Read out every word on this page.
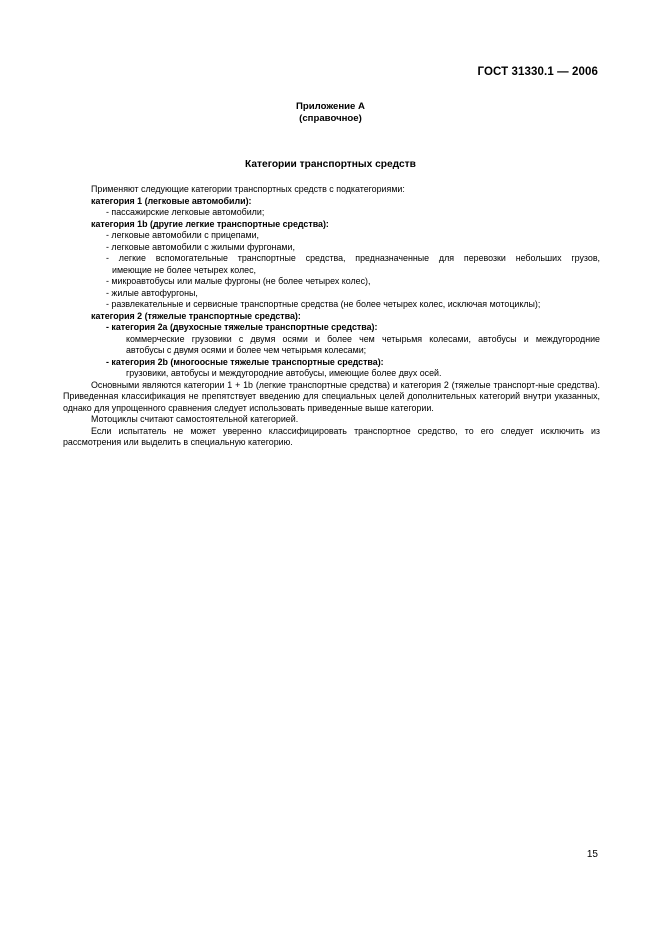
ГОСТ 31330.1 — 2006
Приложение А
(справочное)
Категории транспортных средств
Применяют следующие категории транспортных средств с подкатегориями:
категория 1 (легковые автомобили):
- пассажирские легковые автомобили;
категория 1b (другие легкие транспортные средства):
- легковые автомобили с прицепами,
- легковые автомобили с жилыми фургонами,
- легкие вспомогательные транспортные средства, предназначенные для перевозки небольших грузов,
имеющие не более четырех колес,
- микроавтобусы или малые фургоны (не более четырех колес),
- жилые автофургоны,
- развлекательные и сервисные транспортные средства (не более четырех колес, исключая мотоциклы);
категория 2 (тяжелые транспортные средства):
- категория 2a (двухосные тяжелые транспортные средства):
коммерческие грузовики с двумя осями и более чем четырьмя колесами, автобусы и междугородние
автобусы с двумя осями и более чем четырьмя колесами;
- категория 2b (многоосные тяжелые транспортные средства):
грузовики, автобусы и междугородние автобусы, имеющие более двух осей.
Основными являются категории 1 + 1b (легкие транспортные средства) и категория 2 (тяжелые транспорт-ные средства). Приведенная классификация не препятствует введению для специальных целей дополнительных категорий внутри указанных, однако для упрощенного сравнения следует использовать приведенные выше категории.
Мотоциклы считают самостоятельной категорией.
Если испытатель не может уверенно классифицировать транспортное средство, то его следует исключить из рассмотрения или выделить в специальную категорию.
15
